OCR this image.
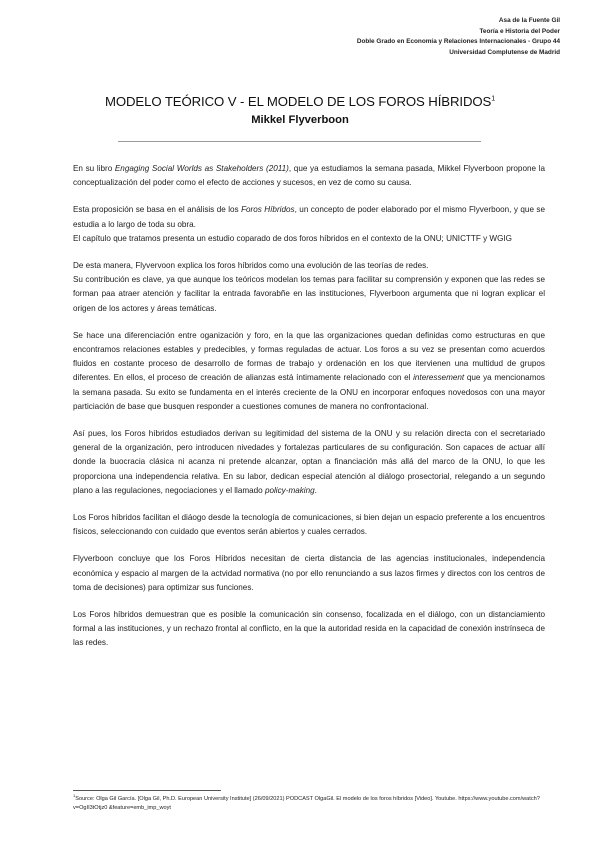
Asa de la Fuente Gil
Teoría e Historia del Poder
Doble Grado en Economía y Relaciones Internacionales - Grupo 44
Universidad Complutense de Madrid
MODELO TEÓRICO V - EL MODELO DE LOS FOROS HÍBRIDOS$^1$
Mikkel Flyverboon

En su libro Engaging Social Worlds as Stakeholders (2011), que ya estudiamos la semana pasada, Mikkel Flyverboon propone la conceptualización del poder como el efecto de acciones y sucesos, en vez de como su causa.

Esta proposición se basa en el análisis de los Foros Híbridos, un concepto de poder elaborado por el mismo Flyverboon, y que se estudia a lo largo de toda su obra.
El capítulo que tratamos presenta un estudio coparado de dos foros híbridos en el contexto de la ONU; UNICTTF y WGIG

De esta manera, Flyvervoon explica los foros híbridos como una evolución de las teorías de redes.
Su contribución es clave, ya que aunque los teóricos modelan los temas para facilitar su comprensión y exponen que las redes se forman paa atraer atención y facilitar la entrada favorabñe en las instituciones, Flyverboon argumenta que ni logran explicar el origen de los actores y áreas temáticas.

Se hace una diferenciación entre oganización y foro, en la que las organizaciones quedan definidas como estructuras en que encontramos relaciones estables y predecibles, y formas reguladas de actuar. Los foros a su vez se presentan como acuerdos fluidos en costante proceso de desarrollo de formas de trabajo y ordenación en los que itervienen una multidud de grupos diferentes. En ellos, el proceso de creación de alianzas está íntimamente relacionado con el interessement que ya mencionamos la semana pasada. Su exito se fundamenta en el interés creciente de la ONU en incorporar enfoques novedosos con una mayor particiación de base que busquen responder a cuestiones comunes de manera no confrontacional.

Así pues, los Foros híbridos estudiados derivan su legitimidad del sistema de la ONU y su relación directa con el secretariado general de la organización, pero introducen nivedades y fortalezas particulares de su configuración. Son capaces de actuar allí donde la buocracia clásica ni acanza ni pretende alcanzar, optan a financiación más allá del marco de la ONU, lo que les proporciona una independencia relativa. En su labor, dedican especial atención al diálogo prosectorial, relegando a un segundo plano a las regulaciones, negociaciones y el llamado policy-making.

Los Foros híbridos facilitan el diáogo desde la tecnología de comunicaciones, si bien dejan un espacio preferente a los encuentros físicos, seleccionando con cuidado que eventos serán abiertos y cuales cerrados.

Flyverboon concluye que los Foros Híbridos necesitan de cierta distancia de las agencias institucionales, independencia económica y espacio al margen de la actvidad normativa (no por ello renunciando a sus lazos firmes y directos con los centros de toma de decisiones) para optimizar sus funciones.

Los Foros híbridos demuestran que es posible la comunicación sin consenso, focalizada en el diálogo, con un distanciamiento formal a las instituciones, y un rechazo frontal al conflicto, en la que la autoridad resida en la capacidad de conexión instrínseca de las redes.

$^1$Source: Olga Gil García. [Olga Gil, Ph.D. European University Institute] (26/09/2021) PODCAST OlgaGil. El modelo de los foros híbridos [Video]. Youtube. https://www.youtube.com/watch?v=OgII3tOtjz0 &feature=emb_imp_woyt
